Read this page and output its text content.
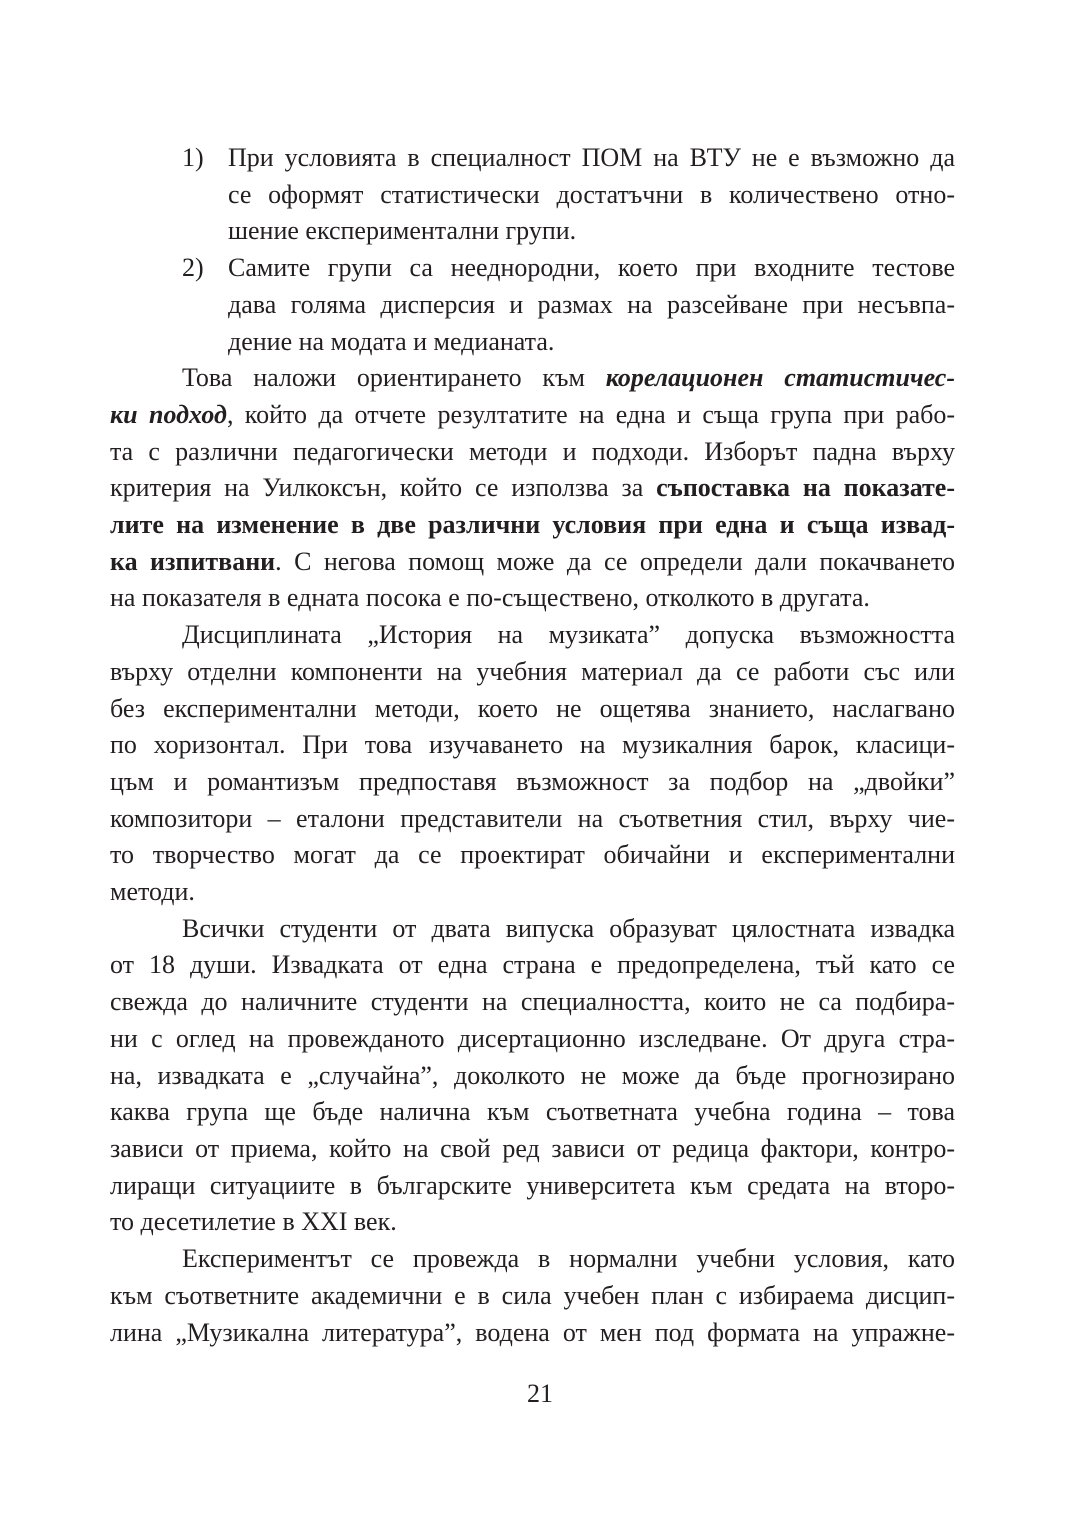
1) При условията в специалност ПОМ на ВТУ не е възможно да
се оформят статистически достатъчни в количествено отно-
шение експериментални групи.
2) Самите групи са нееднородни, което при входните тестове
дава голяма дисперсия и размах на разсейване при несъвпа-
дение на модата и медианата.
Това наложи ориентирането към корелационен статистичес-
ки подход, който да отчете резултатите на една и съща група при рабо-
та с различни педагогически методи и подходи. Изборът падна върху
критерия на Уилкоксън, който се използва за съпоставка на показате-
лите на изменение в две различни условия при една и съща извад-
ка изпитвани. С негова помощ може да се определи дали покачването
на показателя в едната посока е по-съществено, отколкото в другата.
Дисциплината „История на музиката” допуска възможността
върху отделни компоненти на учебния материал да се работи със или
без експериментални методи, което не ощетява знанието, наслагвано
по хоризонтал. При това изучаването на музикалния барок, класици-
цъм и романтизъм предпоставя възможност за подбор на „двойки”
композитори – еталони представители на съответния стил, върху чие-
то творчество могат да се проектират обичайни и експериментални
методи.
Всички студенти от двата випуска образуват цялостната извадка
от 18 души. Извадката от една страна е предопределена, тъй като се
свежда до наличните студенти на специалността, които не са подбира-
ни с оглед на провежданото дисертационно изследване. От друга стра-
на, извадката е „случайна”, доколкото не може да бъде прогнозирано
каква група ще бъде налична към съответната учебна година – това
зависи от приема, който на свой ред зависи от редица фактори, контро-
лиращи ситуациите в българските университета към средата на второ-
то десетилетие в XXI век.
Експериментът се провежда в нормални учебни условия, като
към съответните академични е в сила учебен план с избираема дисцип-
лина „Музикална литература”, водена от мен под формата на упражне-
21
